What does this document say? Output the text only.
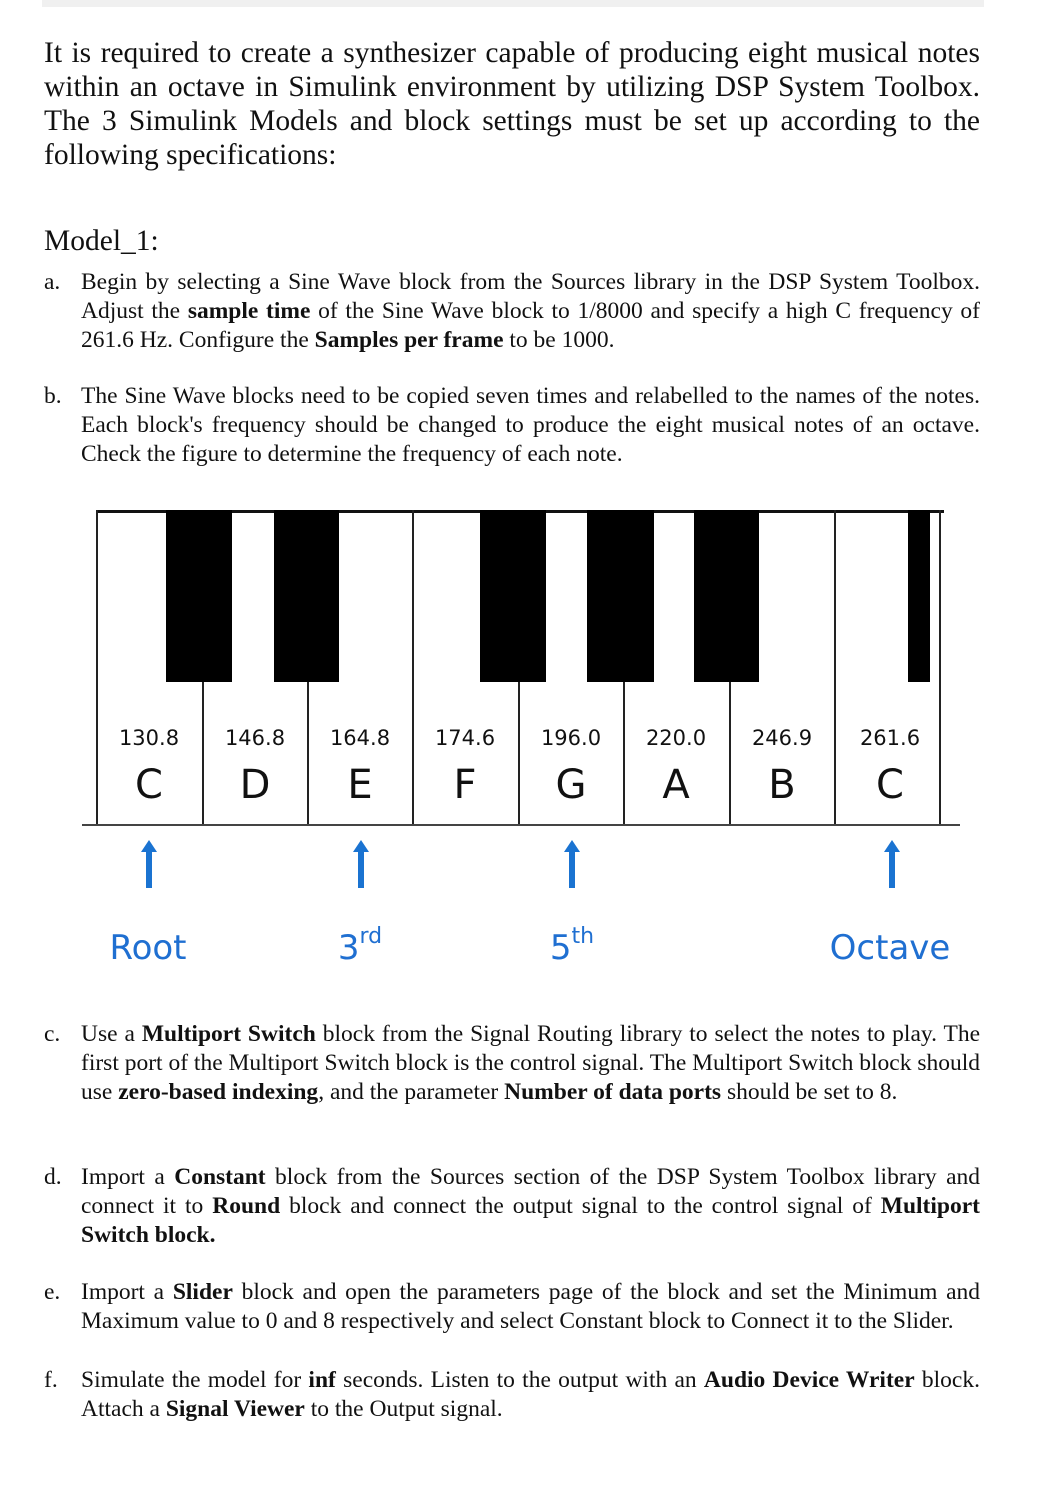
It is required to create a synthesizer capable of producing eight musical notes within an octave in Simulink environment by utilizing DSP System Toolbox. The 3 Simulink Models and block settings must be set up according to the following specifications:
Model_1:
a. Begin by selecting a Sine Wave block from the Sources library in the DSP System Toolbox. Adjust the sample time of the Sine Wave block to 1/8000 and specify a high C frequency of 261.6 Hz. Configure the Samples per frame to be 1000.
b. The Sine Wave blocks need to be copied seven times and relabelled to the names of the notes. Each block's frequency should be changed to produce the eight musical notes of an octave. Check the figure to determine the frequency of each note.
130.8	146.8	164.8	174.6	196.0	220.0	246.9	261.6
C	D	E	F	G	A	B	C
Root	3rd	5th	Octave
c. Use a Multiport Switch block from the Signal Routing library to select the notes to play. The first port of the Multiport Switch block is the control signal. The Multiport Switch block should use zero-based indexing, and the parameter Number of data ports should be set to 8.
d. Import a Constant block from the Sources section of the DSP System Toolbox library and connect it to Round block and connect the output signal to the control signal of Multiport Switch block.
e. Import a Slider block and open the parameters page of the block and set the Minimum and Maximum value to 0 and 8 respectively and select Constant block to Connect it to the Slider.
f. Simulate the model for inf seconds. Listen to the output with an Audio Device Writer block. Attach a Signal Viewer to the Output signal.
